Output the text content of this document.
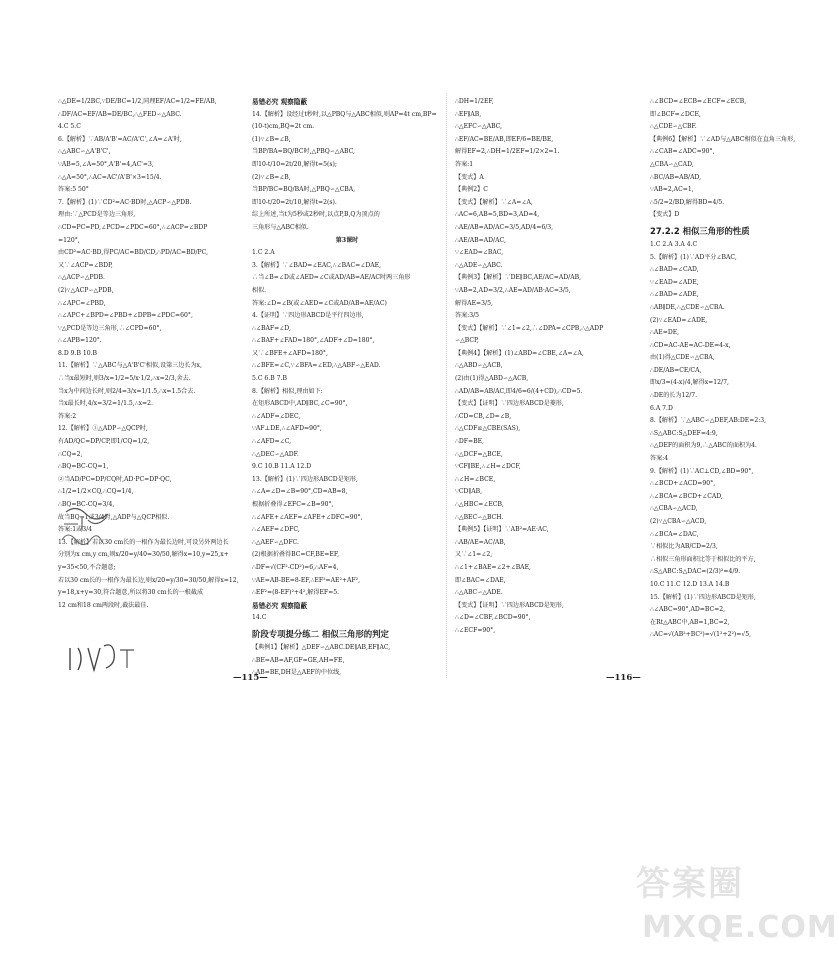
∴△DE=1/2BC,∵DE/BC=1/2,同理EF/AC=1/2=FE/AB,

∴DF/AC=EF/AB=DE/BC,∴△FED∽△ABC.

4.C 5.C

6.【解析】∵AB/A'B'=AC/A'C',∠A=∠A'时,

∴△ABC∽△A'B'C',

∵AB=5,∠A=50°,A'B'=4,AC'=3,

∴△A=50°,∴AC=AC'/A'B'×3=15/4.

答案:5 50°

7.【解析】(1)∵CD²=AC·BD时,△ACP∽△PDB.

理由:∵△PCD是等边三角形,

∴CD=PC=PD,∠PCD=∠PDC=60°,∴∠ACP=∠BDP

=120°,

由CD²=AC·BD,得PC/AC=BD/CD,∴PD/AC=BD/PC,

又∵∠ACP=∠BDP,

∴△ACP∽△PDB.

(2)∵△ACP∽△PDB,

∴∠APC=∠PBD,

∴∠APC+∠BPD=∠PBD+∠DPB=∠PDC=60°,

∵△PCD是等边三角形,∴∠CPD=60°,

∴∠APB=120°.

8.D 9.B 10.B

11.【解析】∵△ABC与△A'B'C'相似,设第三边长为x,

∴当x最短时,则3/x=1/2=5/x·1/2,∴x=2/3,舍去.

当x为中间边长时,则2/4=3/x=1/1.5,∴x=1.5合去.

当x最长时,4/x=3/2=1/1.5,∴x=2.

答案:2

12.【解析】①△ADP∽△QCP时,

有AD/QC=DP/CP,即1/CQ=1/2,

∴CQ=2,

∴BQ=BC-CQ=1,

②当AD/PC=DP/CQ时,AD·PC=DP·QC,

∴1/2=1/2×CQ,∴CQ=1/4,

∴BQ=BC-CQ=3/4,

故当BQ=1或3/4时,△ADP与△QCP相似.

答案:1或3/4

13.【解析】若以30 cm长的一根作为最长边时,可设另外两边长

分别为x cm,y cm,则x/20=y/40=30/50,解得x=10,y=25,x+

y=35<50,不合题意;

若以30 cm长的一根作为最长边,则x/20=y/30=30/50,解得x=12,

y=18,x+y=30,符合题意,所以将30 cm长的一根截成

12 cm和18 cm两段时,截法最佳.

易错必究 观察隐蔽

14.【解析】设经过t秒时,以△PBQ与△ABC相似,则AP=4t cm,BP=

(10-t)cm,BQ=2t cm.

(1)∵∠B=∠B,

当BP/BA=BQ/BC时,△PBQ∽△ABC,

即10-t/10=2t/20,解得t=5(s);

(2)∵∠B=∠B,

当BP/BC=BQ/BA时,△PBQ∽△CBA,

即10-t/20=2t/10,解得t=2(s).

综上所述,当t为5秒或2秒时,以点P,B,Q为顶点的

三角形与△ABC相似.

第3课时

1.C 2.A

3.【解析】∵∠BAD=∠EAC,∴∠BAC=∠DAE,

∴当∠B=∠D或∠AED=∠C或AD/AB=AE/AC时两三角形

相似.

答案:∠D=∠B(或∠AED=∠C或AD/AB=AE/AC)

4.【证明】∵四边形ABCD是平行四边形,

∴∠BAF=∠D,

∴∠BAF+∠FAD=180°,∠ADF+∠D=180°,

又∵∠BFE+∠AFD=180°,

∴∠BFE=∠C,∵∠BFA=∠ED,∴△ABF∽△EAD.

5.C 6.B 7.B

8.【解析】相似,理由如下:

在矩形ABCD中,AD∥BC,∠C=90°,

∴∠ADF=∠DEC,

∵AF⊥DE,∴∠AFD=90°,

∴∠AFD=∠C,

∴△DEC∽△ADF.

9.C 10.B 11.A 12.D

13.【解析】(1)∵四边形ABCD是矩形,

∴∠A=∠D=∠B=90°,CD=AB=8,

根据折叠得∠EFC=∠B=90°,

∴∠AFE+∠AEF=∠AFE+∠DFC=90°,

∴∠AEF=∠DFC,

∴△AEF∽△DFC.

(2)根据折叠得BC=CF,BE=EF,

∴DF=√(CF²-CD²)=6,∴AF=4,

∵AE=AB-BE=8-EF,∴EF²=AE²+AF²,

∴EF²=(8-EF)²+4²,解得EF=5.

易错必究 观察隐蔽

14.C

阶段专项提分练二 相似三角形的判定

【典例1】【解析】△DEF∽△ABC.DE∥AB,EF∥AC,

∴BE=AB=AF,GF=GE,AH=FE,

∴AB=BE,DH是△AEF的中位线,

∴DH=1/2EF,

∴EF∥AB,

∴△EFC∽△ABC,

∴EF/AC=BE/AB,即EF/6=BE/BE,

解得EF=2,∴DH=1/2EF=1/2×2=1.

答案:1

【变式】A

【典例2】C

【变式】【解析】∵∠A=∠A,

∴AC=6,AB=5,BD=3,AD=4,

∴AE/AB=AD/AC=3/5,AD/4=6/3,

∴AE/AB=AD/AC,

∵∠EAD=∠BAC,

∴△ADE∽△ABC.

【典例3】【解析】∵DE∥BC,AE/AC=AD/AB,

∵AB=2,AD=3/2,∴AE=AD/AB·AC=3/5,

解得AE=3/5,

答案:3/5

【变式】【解析】∵∠1=∠2,∴∠DPA=∠CPB,∴△ADP

∽△BCP,

【典例4】【解析】(1)∠ABD=∠CBE,∠A=∠A,

∴△ABD∽△ACB,

(2)由(1)得△ABD∽△ACB,

∴AD/AB=AB/AC,即4/6=6/(4+CD),∴CD=5.

【变式】【证明】∵四边形ABCD是菱形,

∴CD=CB,∠D=∠B,

∴△CDF≌△CBE(SAS),

∴DF=BE,

∴△DCF=△BCE,

∵CF∥BE,∴∠H=∠DCF,

∴∠H=∠BCE,

∵CD∥AB,

∴△HBC=∠ECB,

∴△BEC∽△BCH.

【典例5】【证明】∵AB²=AE·AC,

∴AB/AE=AC/AB,

又∵∠1=∠2,

∴∠1+∠BAE=∠2+∠BAE,

即∠BAC=∠DAE,

∴△ABC∽△ADE.

【变式】【证明】∵四边形ABCD是矩形,

∴∠D=∠CBF,∠BCD=90°,

∴∠ECF=90°,

∴∠BCD=∠ECB=∠ECF=∠ECB,

即∠BCF=∠DCE,

∴△CDE∽△CBF.

【典例6】【解析】∵∠AD与△ABC相似在直角三角形,

∴∠CAB=∠ADC=90°,

△CBA∽△CAD,

∴BC/AB=AB/AD,

∵AB=2,AC=1,

∴5/2=2/BD,解得BD=4/5.

【变式】D

27.2.2 相似三角形的性质

1.C 2.A 3.A 4.C

5.【解析】(1)∵AD平分∠BAC,

∴∠BAD=∠CAD,

∵∠EAD=∠ADE,

∴∠BAD=∠ADE,

∴AB∥DE,∴△CDE∽△CBA.

(2)∵∠EAD=∠ADE,

∴AE=DE,

∴CD=AC-AE=AC-DE=4-x,

由(1)得△CDE∽△CBA,

∴DE/AB=CE/CA,

即x/3=(4-x)/4,解得x=12/7,

∴DE的长为12/7.

6.A 7.D

8.【解析】∵△ABC∽△DEF,AB:DE=2:3,

∴S△ABC:S△DEF=4:9,

∴△DEF的面积为9,∴△ABC的面积为4.

答案:4

9.【解析】(1)∵AC⊥CD,∠BD=90°,

∴∠BCD+∠ACD=90°,

∴∠BCA=∠BCD+∠CAD,

∴△CBA∽△ACD,

(2)∵△CBA∽△ACD,

∴∠BCA=∠DAC,

∵相似比为AB/CD=2/3,

∴相似三角形面积比等于相似比的平方,

∴S△ABC:S△DAC=(2/3)²=4/9.

10.C 11.C 12.D 13.A 14.B

15.【解析】(1)∵四边形ABCD是矩形,

∴∠ABC=90°,AD=BC=2,

在Rt△ABC中,AB=1,BC=2,

∴AC=√(AB²+BC²)=√(1²+2²)=√5,

—115—	—116—
答案圈
MXQE.COM
